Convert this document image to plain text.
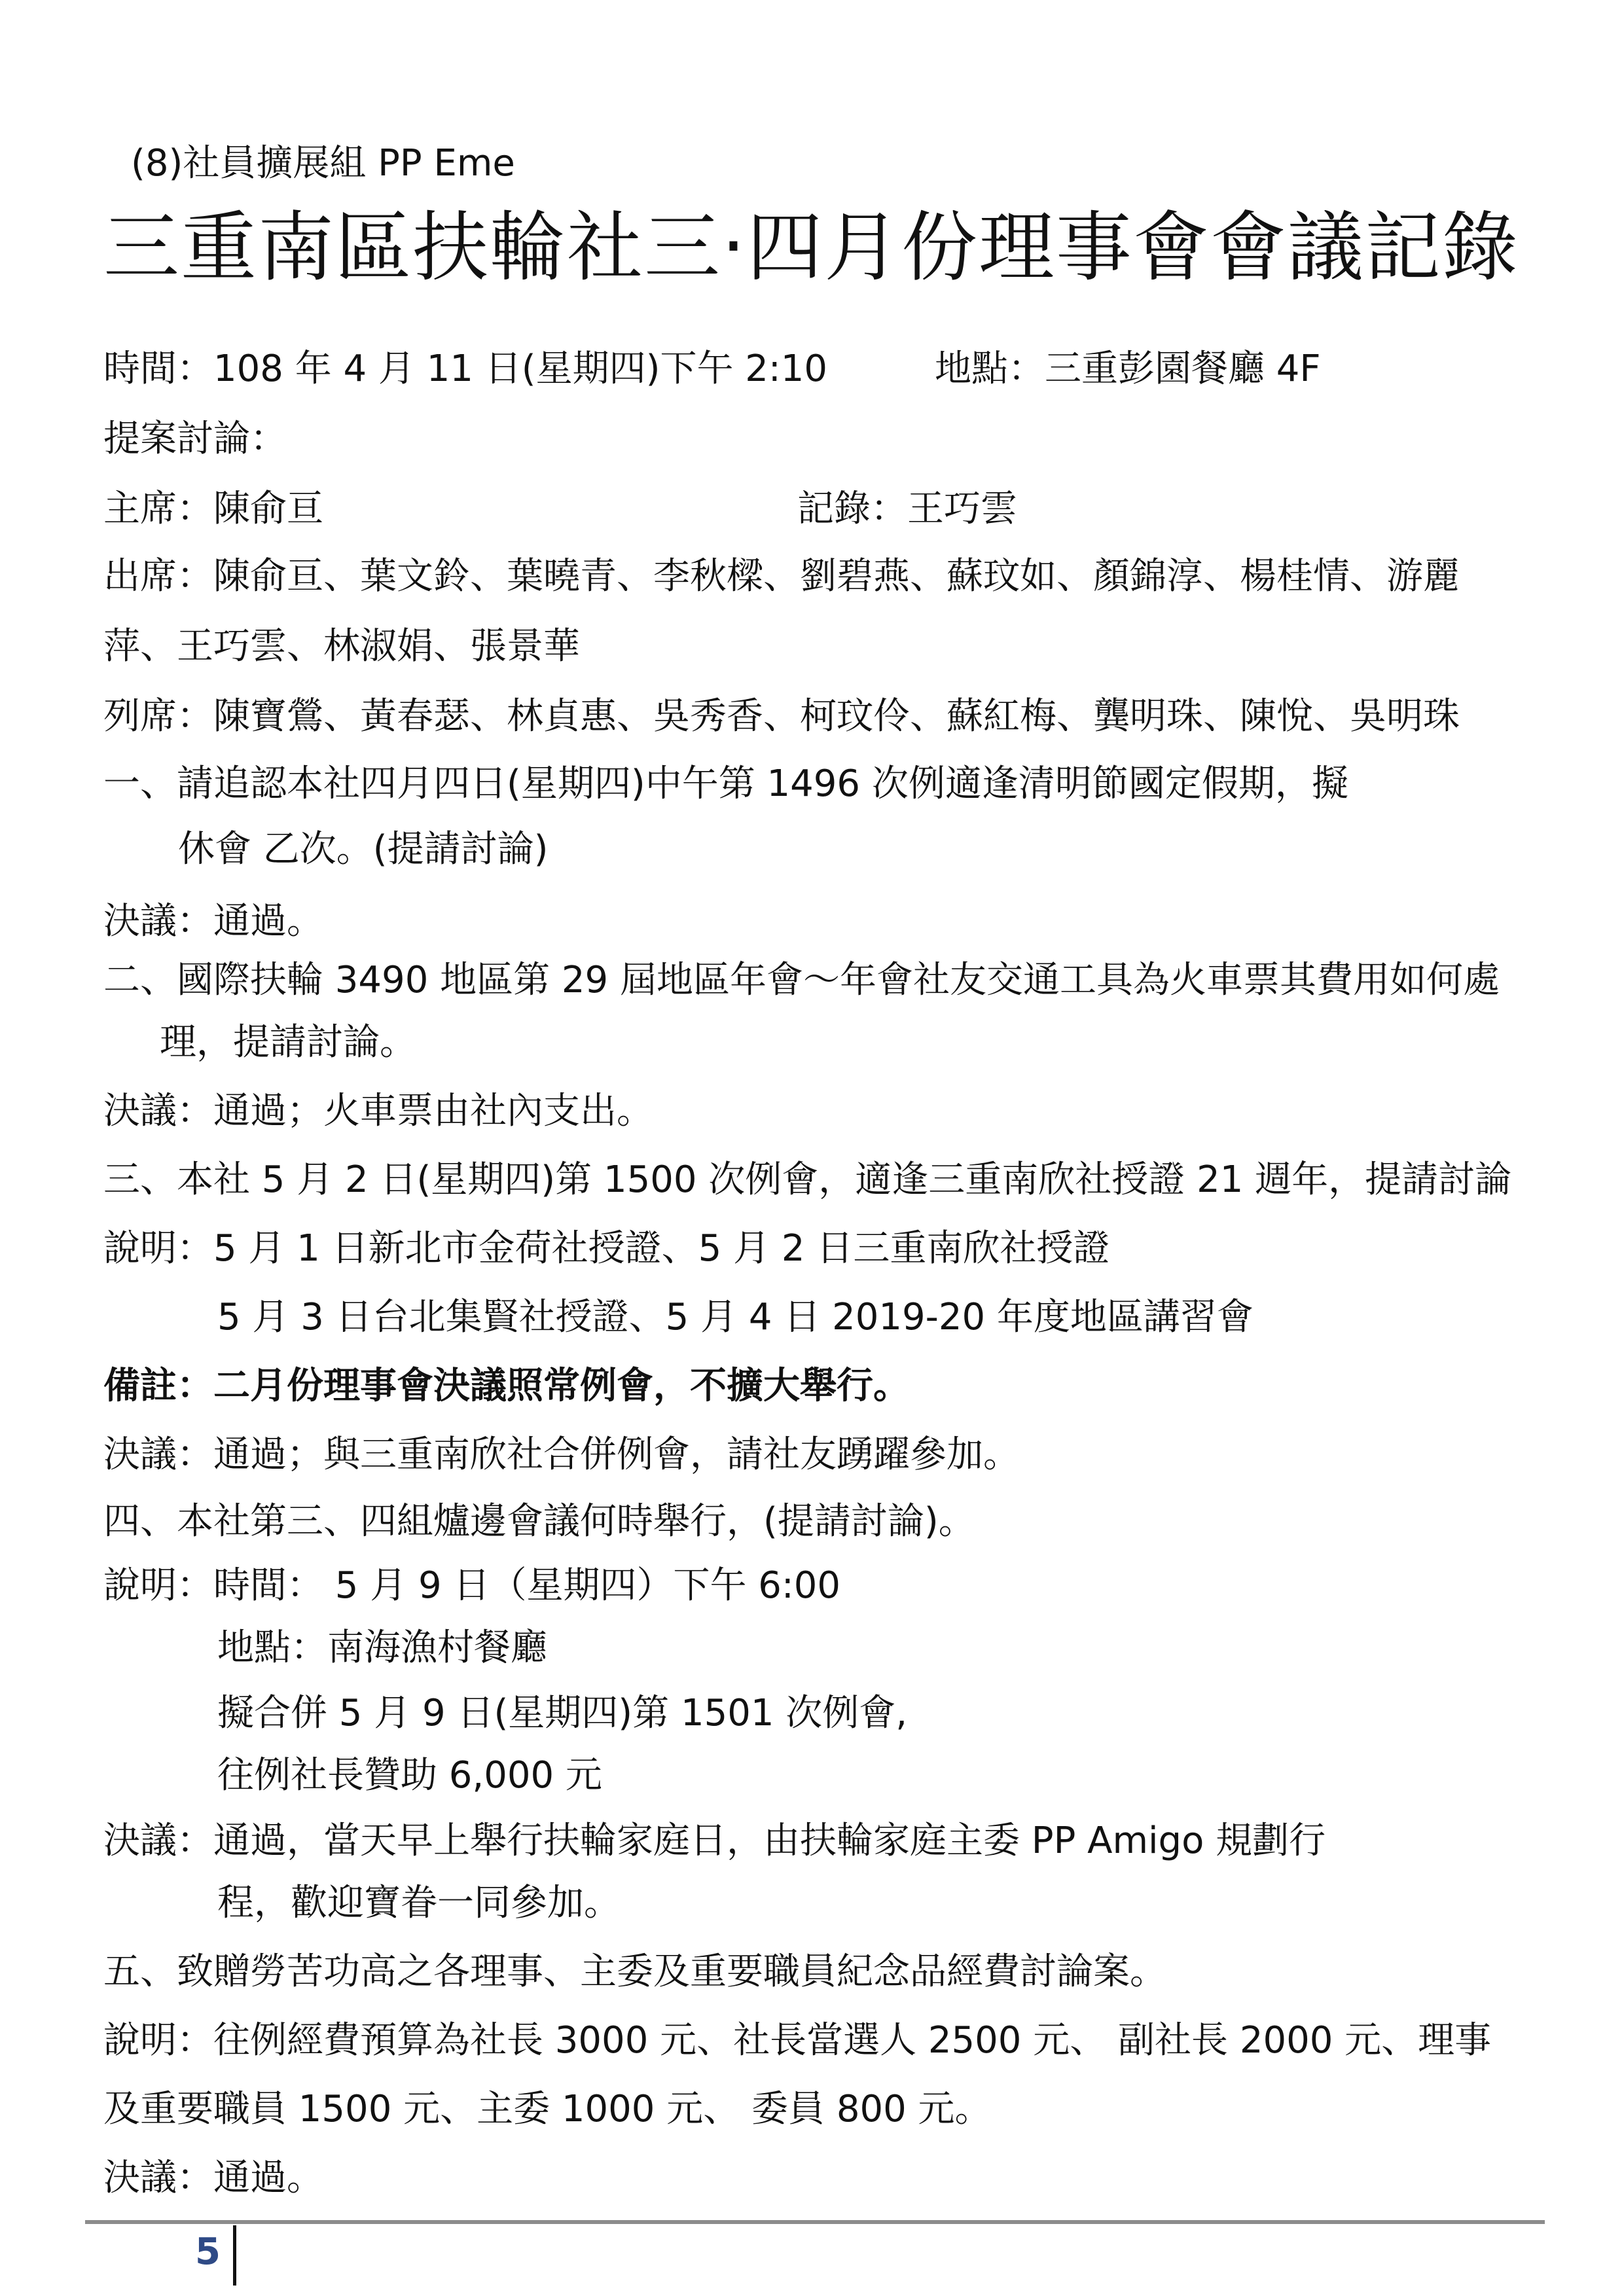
(8)社員擴展組 PP Eme
三重南區扶輪社三‧四月份理事會會議記錄
時間：108 年 4 月 11 日(星期四)下午 2:10	地點：三重彭園餐廳 4F
提案討論：
主席：陳俞亘	記錄：王巧雲
出席：陳俞亘、葉文鈴、葉曉青、李秋樑、劉碧燕、蘇玟如、顏錦淳、楊桂情、游麗
萍、王巧雲、林淑娟、張景華
列席：陳寶鶯、黃春瑟、林貞惠、吳秀香、柯玟伶、蘇紅梅、龔明珠、陳悅、吳明珠
一、請追認本社四月四日(星期四)中午第 1496 次例適逢清明節國定假期，擬
休會 乙次。(提請討論)
決議：通過。
二、國際扶輪 3490 地區第 29 屆地區年會～年會社友交通工具為火車票其費用如何處
理，提請討論。
決議：通過；火車票由社內支出。
三、本社 5 月 2 日(星期四)第 1500 次例會，適逢三重南欣社授證 21 週年，提請討論
說明：5 月 1 日新北市金荷社授證、5 月 2 日三重南欣社授證
5 月 3 日台北集賢社授證、5 月 4 日 2019-20 年度地區講習會
備註：二月份理事會決議照常例會，不擴大舉行。
決議：通過；與三重南欣社合併例會，請社友踴躍參加。
四、本社第三、四組爐邊會議何時舉行，(提請討論)。
說明：時間： 5 月 9 日（星期四）下午 6:00
地點：南海漁村餐廳
擬合併 5 月 9 日(星期四)第 1501 次例會,
往例社長贊助 6,000 元
決議：通過，當天早上舉行扶輪家庭日，由扶輪家庭主委 PP Amigo 規劃行
程，歡迎寶眷一同參加。
五、致贈勞苦功高之各理事、主委及重要職員紀念品經費討論案。
說明：往例經費預算為社長 3000 元、社長當選人 2500 元、 副社長 2000 元、理事
及重要職員 1500 元、主委 1000 元、 委員 800 元。
決議：通過。
5
